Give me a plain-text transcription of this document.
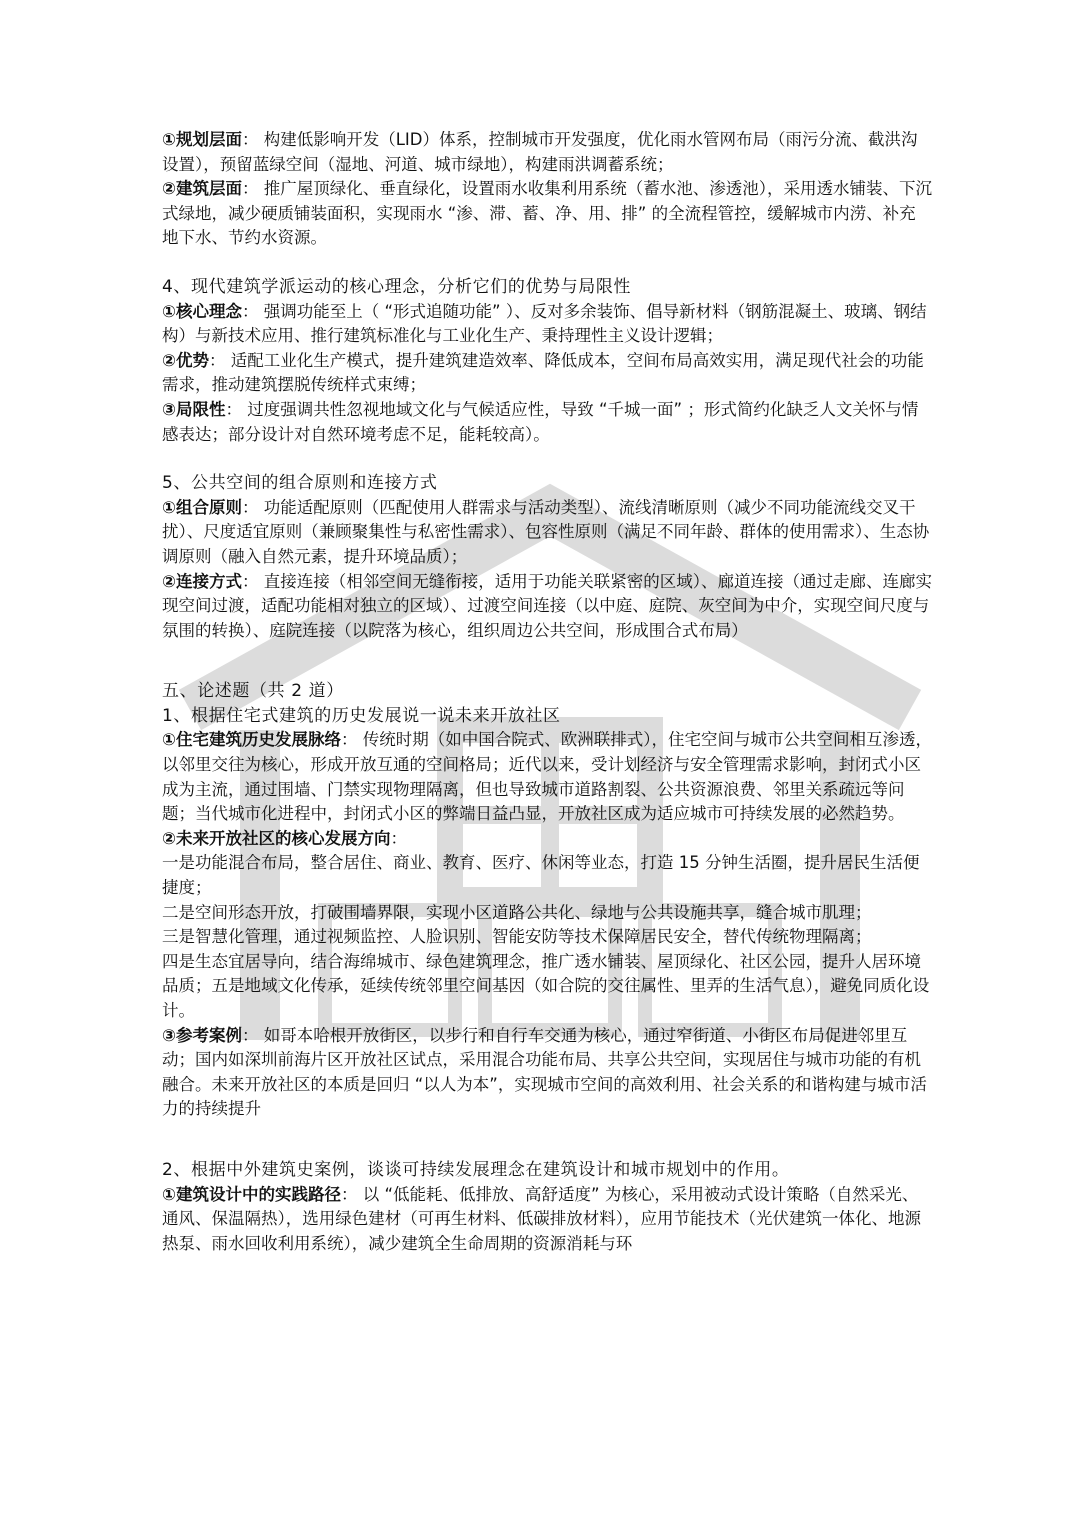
①规划层面： 构建低影响开发（LID）体系，控制城市开发强度，优化雨水管网布局（雨污分流、截洪沟设置），预留蓝绿空间（湿地、河道、城市绿地），构建雨洪调蓄系统；

②建筑层面： 推广屋顶绿化、垂直绿化，设置雨水收集利用系统（蓄水池、渗透池），采用透水铺装、下沉式绿地，减少硬质铺装面积，实现雨水 “渗、滞、蓄、净、用、排” 的全流程管控，缓解城市内涝、补充地下水、节约水资源。

4、现代建筑学派运动的核心理念，分析它们的优势与局限性

①核心理念： 强调功能至上（ “形式追随功能” ）、反对多余装饰、倡导新材料（钢筋混凝土、玻璃、钢结构）与新技术应用、推行建筑标准化与工业化生产、秉持理性主义设计逻辑；

②优势： 适配工业化生产模式，提升建筑建造效率、降低成本，空间布局高效实用，满足现代社会的功能需求，推动建筑摆脱传统样式束缚；

③局限性： 过度强调共性忽视地域文化与气候适应性，导致 “千城一面” ；形式简约化缺乏人文关怀与情感表达；部分设计对自然环境考虑不足，能耗较高）。

5、公共空间的组合原则和连接方式

①组合原则： 功能适配原则（匹配使用人群需求与活动类型）、流线清晰原则（减少不同功能流线交叉干扰）、尺度适宜原则（兼顾聚集性与私密性需求）、包容性原则（满足不同年龄、群体的使用需求）、生态协调原则（融入自然元素，提升环境品质）；

②连接方式： 直接连接（相邻空间无缝衔接，适用于功能关联紧密的区域）、廊道连接（通过走廊、连廊实现空间过渡，适配功能相对独立的区域）、过渡空间连接（以中庭、庭院、灰空间为中介，实现空间尺度与氛围的转换）、庭院连接（以院落为核心，组织周边公共空间，形成围合式布局）

五、论述题（共 2 道）

1、根据住宅式建筑的历史发展说一说未来开放社区

①住宅建筑历史发展脉络： 传统时期（如中国合院式、欧洲联排式），住宅空间与城市公共空间相互渗透，以邻里交往为核心，形成开放互通的空间格局；近代以来，受计划经济与安全管理需求影响，封闭式小区成为主流，通过围墙、门禁实现物理隔离，但也导致城市道路割裂、公共资源浪费、邻里关系疏远等问题；当代城市化进程中，封闭式小区的弊端日益凸显，开放社区成为适应城市可持续发展的必然趋势。

②未来开放社区的核心发展方向：

一是功能混合布局，整合居住、商业、教育、医疗、休闲等业态，打造 15 分钟生活圈，提升居民生活便捷度；

二是空间形态开放，打破围墙界限，实现小区道路公共化、绿地与公共设施共享，缝合城市肌理；

三是智慧化管理，通过视频监控、人脸识别、智能安防等技术保障居民安全，替代传统物理隔离；

四是生态宜居导向，结合海绵城市、绿色建筑理念，推广透水铺装、屋顶绿化、社区公园，提升人居环境品质；五是地域文化传承，延续传统邻里空间基因（如合院的交往属性、里弄的生活气息），避免同质化设计。

③参考案例： 如哥本哈根开放街区，以步行和自行车交通为核心，通过窄街道、小街区布局促进邻里互动；国内如深圳前海片区开放社区试点，采用混合功能布局、共享公共空间，实现居住与城市功能的有机融合。未来开放社区的本质是回归 “以人为本”，实现城市空间的高效利用、社会关系的和谐构建与城市活力的持续提升

2、根据中外建筑史案例，谈谈可持续发展理念在建筑设计和城市规划中的作用。

①建筑设计中的实践路径： 以 “低能耗、低排放、高舒适度” 为核心，采用被动式设计策略（自然采光、通风、保温隔热），选用绿色建材（可再生材料、低碳排放材料），应用节能技术（光伏建筑一体化、地源热泵、雨水回收利用系统），减少建筑全生命周期的资源消耗与环
